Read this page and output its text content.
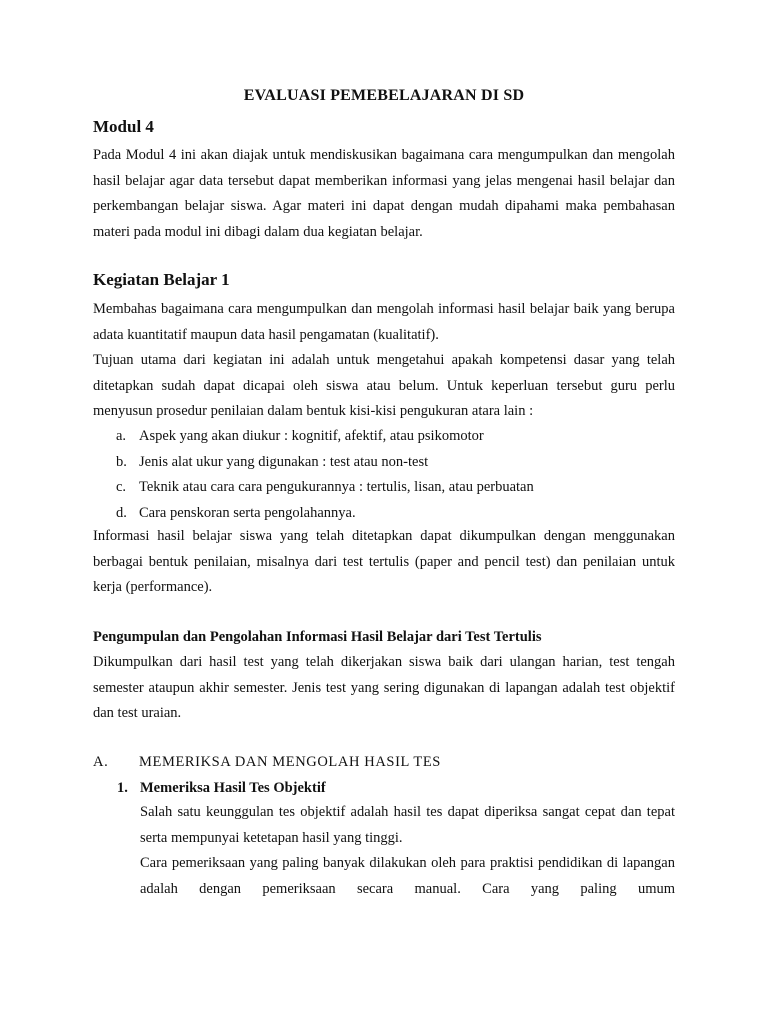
EVALUASI PEMEBELAJARAN DI SD
Modul 4

Pada Modul 4 ini akan diajak untuk mendiskusikan bagaimana cara mengumpulkan dan mengolah hasil belajar agar data tersebut dapat memberikan informasi yang jelas mengenai hasil belajar dan perkembangan belajar siswa. Agar materi ini dapat dengan mudah dipahami maka pembahasan materi pada modul ini dibagi dalam dua kegiatan belajar.

Kegiatan Belajar 1

Membahas bagaimana cara mengumpulkan dan mengolah informasi hasil belajar baik yang berupa adata kuantitatif maupun data hasil pengamatan (kualitatif).

Tujuan utama dari kegiatan ini adalah untuk mengetahui apakah kompetensi dasar yang telah ditetapkan sudah dapat dicapai oleh siswa atau belum. Untuk keperluan tersebut guru perlu menyusun prosedur penilaian dalam bentuk kisi-kisi pengukuran atara lain :

a. Aspek yang akan diukur : kognitif, afektif, atau psikomotor
b. Jenis alat ukur yang digunakan : test atau non-test
c. Teknik atau cara cara pengukurannya : tertulis, lisan, atau perbuatan
d. Cara penskoran serta pengolahannya.

Informasi hasil belajar siswa yang telah ditetapkan dapat dikumpulkan dengan menggunakan berbagai bentuk penilaian, misalnya dari test tertulis (paper and pencil test) dan penilaian untuk kerja (performance).

Pengumpulan dan Pengolahan Informasi Hasil Belajar dari Test Tertulis

Dikumpulkan dari hasil test yang telah dikerjakan siswa baik dari ulangan harian, test tengah semester ataupun akhir semester. Jenis test yang sering digunakan di lapangan adalah test objektif dan test uraian.

A. MEMERIKSA DAN MENGOLAH HASIL TES
1. Memeriksa Hasil Tes Objektif

Salah satu keunggulan tes objektif adalah hasil tes dapat diperiksa sangat cepat dan tepat serta mempunyai ketetapan hasil yang tinggi.

Cara pemeriksaan yang paling banyak dilakukan oleh para praktisi pendidikan di lapangan adalah dengan pemeriksaan secara manual. Cara yang paling umum
